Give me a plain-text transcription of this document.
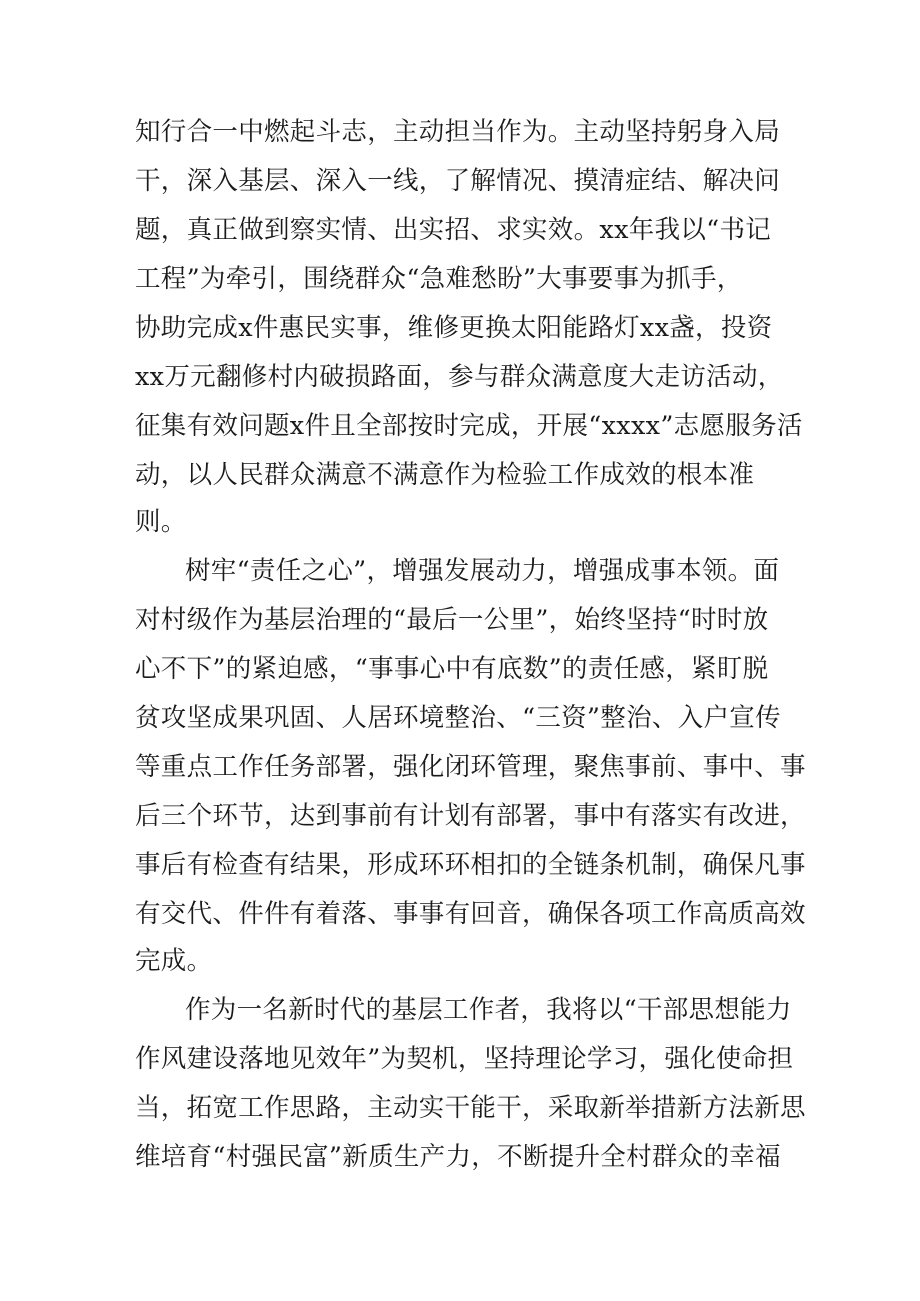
知行合一中燃起斗志，主动担当作为。主动坚持躬身入局
干，深入基层、深入一线，了解情况、摸清症结、解决问
题，真正做到察实情、出实招、求实效。xx年我以“书记
工程”为牵引，围绕群众“急难愁盼”大事要事为抓手，
协助完成x件惠民实事，维修更换太阳能路灯xx盏，投资
xx万元翻修村内破损路面，参与群众满意度大走访活动，
征集有效问题x件且全部按时完成，开展“xxxx”志愿服务活
动，以人民群众满意不满意作为检验工作成效的根本准
则。
树牢“责任之心”，增强发展动力，增强成事本领。面
对村级作为基层治理的“最后一公里”，始终坚持“时时放
心不下”的紧迫感，“事事心中有底数”的责任感，紧盯脱
贫攻坚成果巩固、人居环境整治、“三资”整治、入户宣传
等重点工作任务部署，强化闭环管理，聚焦事前、事中、事
后三个环节，达到事前有计划有部署，事中有落实有改进，
事后有检查有结果，形成环环相扣的全链条机制，确保凡事
有交代、件件有着落、事事有回音，确保各项工作高质高效
完成。
作为一名新时代的基层工作者，我将以“干部思想能力
作风建设落地见效年”为契机，坚持理论学习，强化使命担
当，拓宽工作思路，主动实干能干，采取新举措新方法新思
维培育“村强民富”新质生产力，不断提升全村群众的幸福
